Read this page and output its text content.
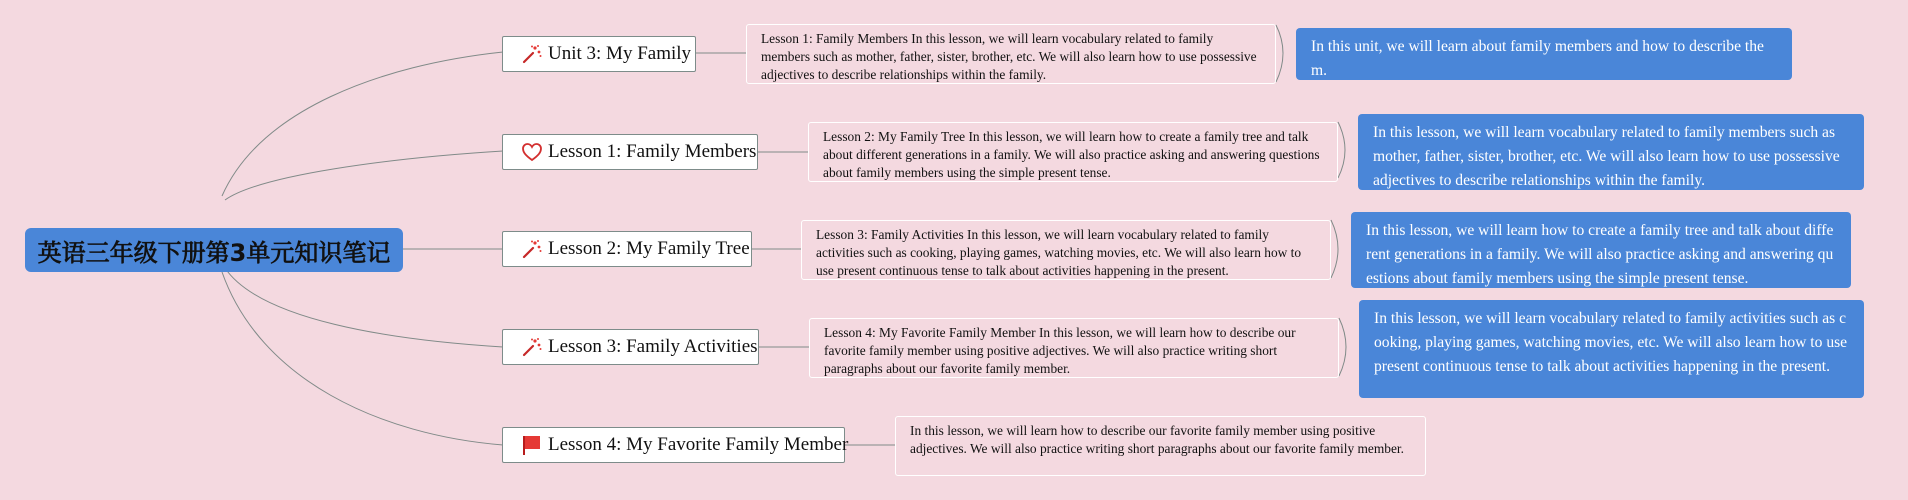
英语三年级下册第3单元知识笔记
Unit 3: My Family
Lesson 1: Family Members In this lesson, we will learn vocabulary related to family members such as mother, father, sister, brother, etc. We will also learn how to use possessive adjectives to describe relationships within the family.
In this unit, we will learn about family members and how to describe them.
Lesson 1: Family Members
Lesson 2: My Family Tree In this lesson, we will learn how to create a family tree and talk about different generations in a family. We will also practice asking and answering questions about family members using the simple present tense.
In this lesson, we will learn vocabulary related to family members such as mother, father, sister, brother, etc. We will also learn how to use possessive adjectives to describe relationships within the family.
Lesson 2: My Family Tree
Lesson 3: Family Activities In this lesson, we will learn vocabulary related to family activities such as cooking, playing games, watching movies, etc. We will also learn how to use present continuous tense to talk about activities happening in the present.
In this lesson, we will learn how to create a family tree and talk about different generations in a family. We will also practice asking and answering questions about family members using the simple present tense.
Lesson 3: Family Activities
Lesson 4: My Favorite Family Member In this lesson, we will learn how to describe our favorite family member using positive adjectives. We will also practice writing short paragraphs about our favorite family member.
In this lesson, we will learn vocabulary related to family activities such as cooking, playing games, watching movies, etc. We will also learn how to use present continuous tense to talk about activities happening in the present.
Lesson 4: My Favorite Family Member
In this lesson, we will learn how to describe our favorite family member using positive adjectives. We will also practice writing short paragraphs about our favorite family member.
